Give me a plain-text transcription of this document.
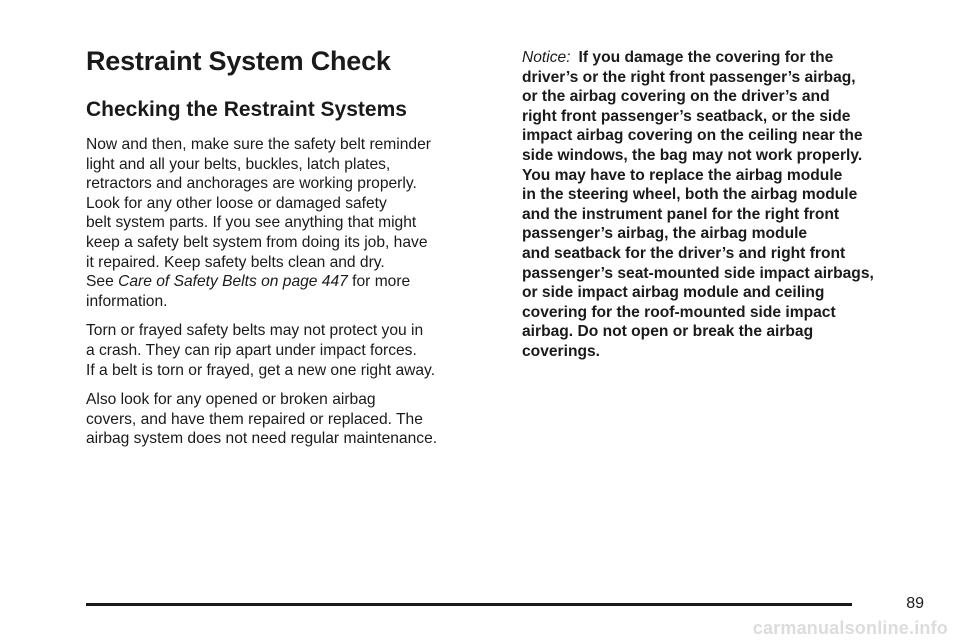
Restraint System Check
Checking the Restraint Systems
Now and then, make sure the safety belt reminder
light and all your belts, buckles, latch plates,
retractors and anchorages are working properly.
Look for any other loose or damaged safety
belt system parts. If you see anything that might
keep a safety belt system from doing its job, have
it repaired. Keep safety belts clean and dry.
See Care of Safety Belts on page 447 for more
information.
Torn or frayed safety belts may not protect you in
a crash. They can rip apart under impact forces.
If a belt is torn or frayed, get a new one right away.
Also look for any opened or broken airbag
covers, and have them repaired or replaced. The
airbag system does not need regular maintenance.
Notice: If you damage the covering for the
driver’s or the right front passenger’s airbag,
or the airbag covering on the driver’s and
right front passenger’s seatback, or the side
impact airbag covering on the ceiling near the
side windows, the bag may not work properly.
You may have to replace the airbag module
in the steering wheel, both the airbag module
and the instrument panel for the right front
passenger’s airbag, the airbag module
and seatback for the driver’s and right front
passenger’s seat-mounted side impact airbags,
or side impact airbag module and ceiling
covering for the roof-mounted side impact
airbag. Do not open or break the airbag
coverings.
89
carmanualsonline.info
